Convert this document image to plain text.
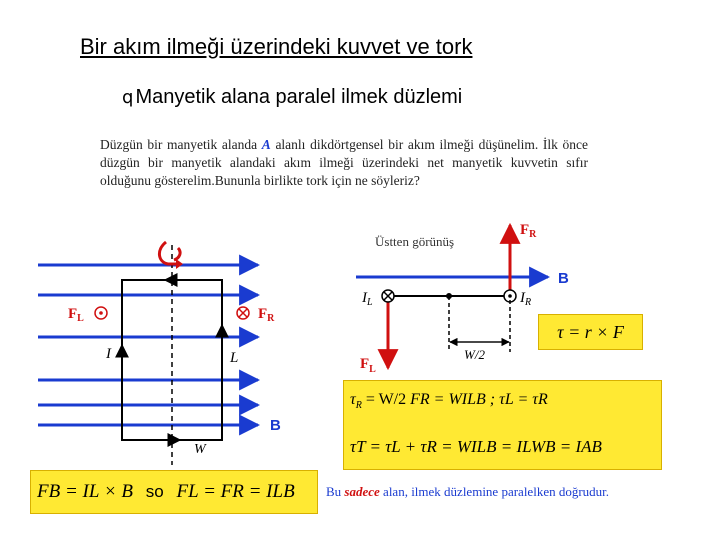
Bir akım ilmeği üzerindeki kuvvet ve tork
q Manyetik alana paralel ilmek düzlemi
Düzgün bir manyetik alanda A alanlı dikdörtgensel bir akım ilmeği düşünelim. İlk önce düzgün bir manyetik alandaki akım ilmeği üzerindeki net manyetik kuvvetin sıfır olduğunu gösterelim.Bununla birlikte tork için ne söyleriz?
$F_L$	$F_R$
I	L
B
W
Üstten görünüş
B
$F_R$
$F_L$
W/2
$I_L$	$I_R$
τ = r × F
$\tau_R = W/2$ FR = WILB ; τL = τR
τT = τL + τR = WILB = ILWB = IAB
FB = IL × B so FL = FR = ILB Bu sadece alan, ilmek düzlemine paralelken doğrudur.
